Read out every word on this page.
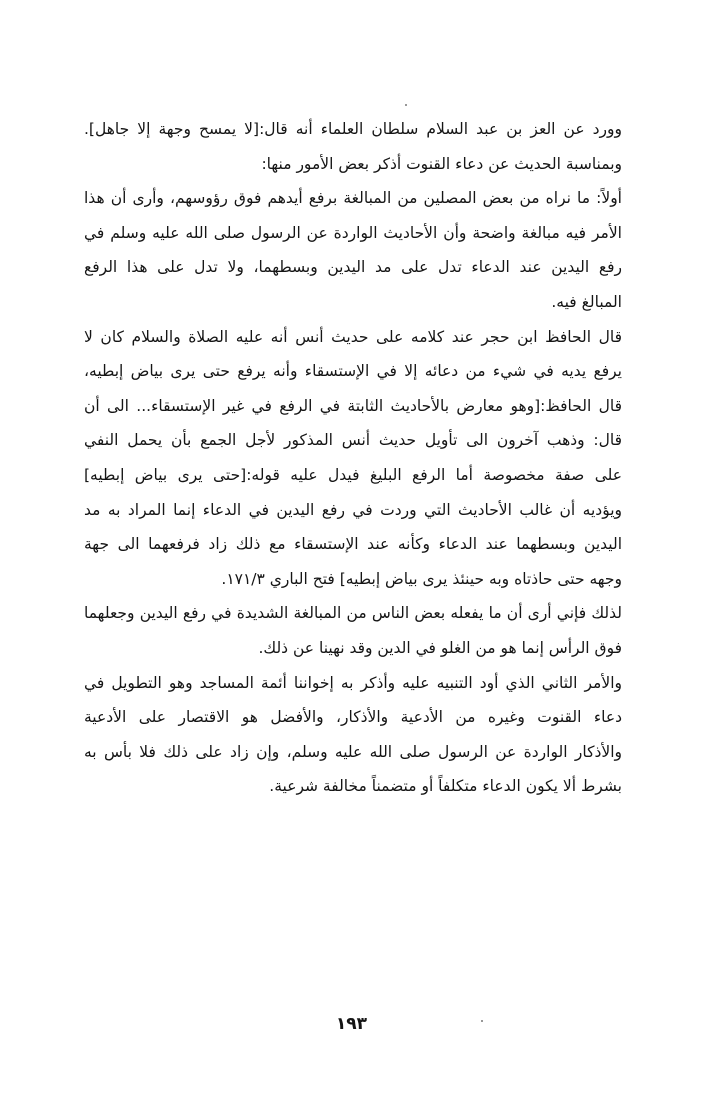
وورد عن العز بن عبد السلام سلطان العلماء أنه قال:[لا يمسح وجهة إلا جاهل].
وبمناسبة الحديث عن دعاء القنوت أذكر بعض الأمور منها:
أولاً: ما نراه من بعض المصلين من المبالغة برفع أيدهم فوق رؤوسهم، وأرى أن هذا
الأمر فيه مبالغة واضحة وأن الأحاديث الواردة عن الرسول صلى الله عليه وسلم في
رفع اليدين عند الدعاء تدل على مد اليدين وبسطهما، ولا تدل على هذا الرفع
المبالغ فيه.
قال الحافظ ابن حجر عند كلامه على حديث أنس أنه عليه الصلاة والسلام كان لا
يرفع يديه في شيء من دعائه إلا في الإستسقاء وأنه يرفع حتى يرى بياض إبطيه،
قال الحافظ:[وهو معارض بالأحاديث الثابتة في الرفع في غير الإستسقاء... الى أن
قال: وذهب آخرون الى تأويل حديث أنس المذكور لأجل الجمع بأن يحمل النفي
على صفة مخصوصة أما الرفع البليغ فيدل عليه قوله:[حتى يرى بياض إبطيه]
ويؤديه أن غالب الأحاديث التي وردت في رفع اليدين في الدعاء إنما المراد به مد
اليدين وبسطهما عند الدعاء وكأنه عند الإستسقاء مع ذلك زاد فرفعهما الى جهة
وجهه حتى حاذتاه وبه حينئذ يرى بياض إبطيه] فتح الباري ١٧١/٣.
لذلك فإني أرى أن ما يفعله بعض الناس من المبالغة الشديدة في رفع اليدين وجعلهما
فوق الرأس إنما هو من الغلو في الدين وقد نهينا عن ذلك.
والأمر الثاني الذي أود التنبيه عليه وأذكر به إخواننا أئمة المساجد وهو التطويل في
دعاء القنوت وغيره من الأدعية والأذكار، والأفضل هو الاقتصار على الأدعية
والأذكار الواردة عن الرسول صلى الله عليه وسلم، وإن زاد على ذلك فلا بأس به
بشرط ألا يكون الدعاء متكلفاً أو متضمناً مخالفة شرعية.
١٩٣
